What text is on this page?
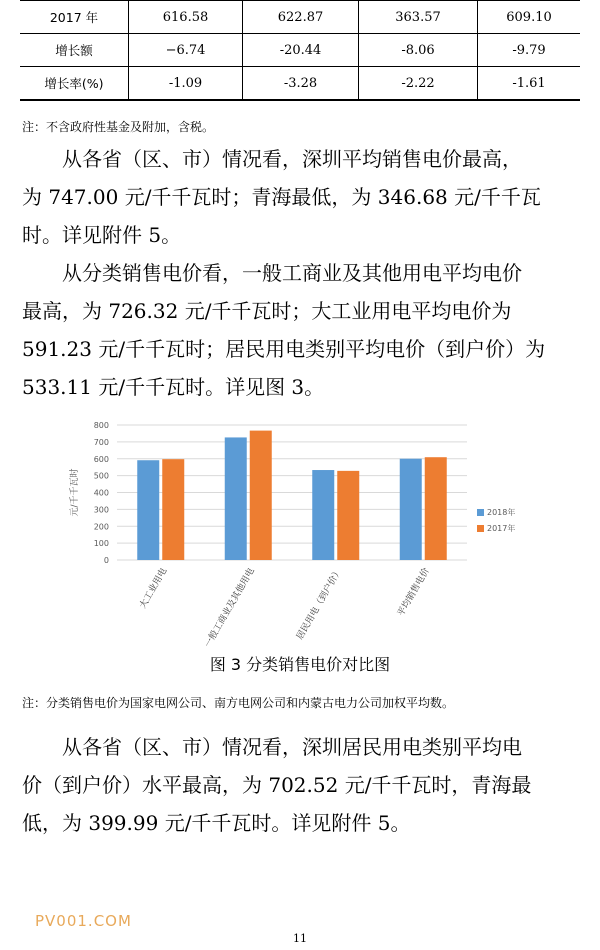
2017 年	616.58	622.87	363.57	609.10
增长额	−6.74	-20.44	-8.06	-9.79
增长率(%)	-1.09	-3.28	-2.22	-1.61
注：不含政府性基金及附加，含税。
从各省（区、市）情况看，深圳平均销售电价最高，
为 747.00 元/千千瓦时；青海最低，为 346.68 元/千千瓦
时。详见附件 5。
从分类销售电价看，一般工商业及其他用电平均电价
最高，为 726.32 元/千千瓦时；大工业用电平均电价为
591.23 元/千千瓦时；居民用电类别平均电价（到户价）为
533.11 元/千千瓦时。详见图 3。
0
100
200
300
400
500
600
700
800
元/千千瓦时
大工业用电	一般工商业及其他用电	居民用电（到户价）	平均销售电价
2018年
2017年
图 3 分类销售电价对比图
注：分类销售电价为国家电网公司、南方电网公司和内蒙古电力公司加权平均数。
从各省（区、市）情况看，深圳居民用电类别平均电
价（到户价）水平最高，为 702.52 元/千千瓦时，青海最
低，为 399.99 元/千千瓦时。详见附件 5。
PV001.COM
11
